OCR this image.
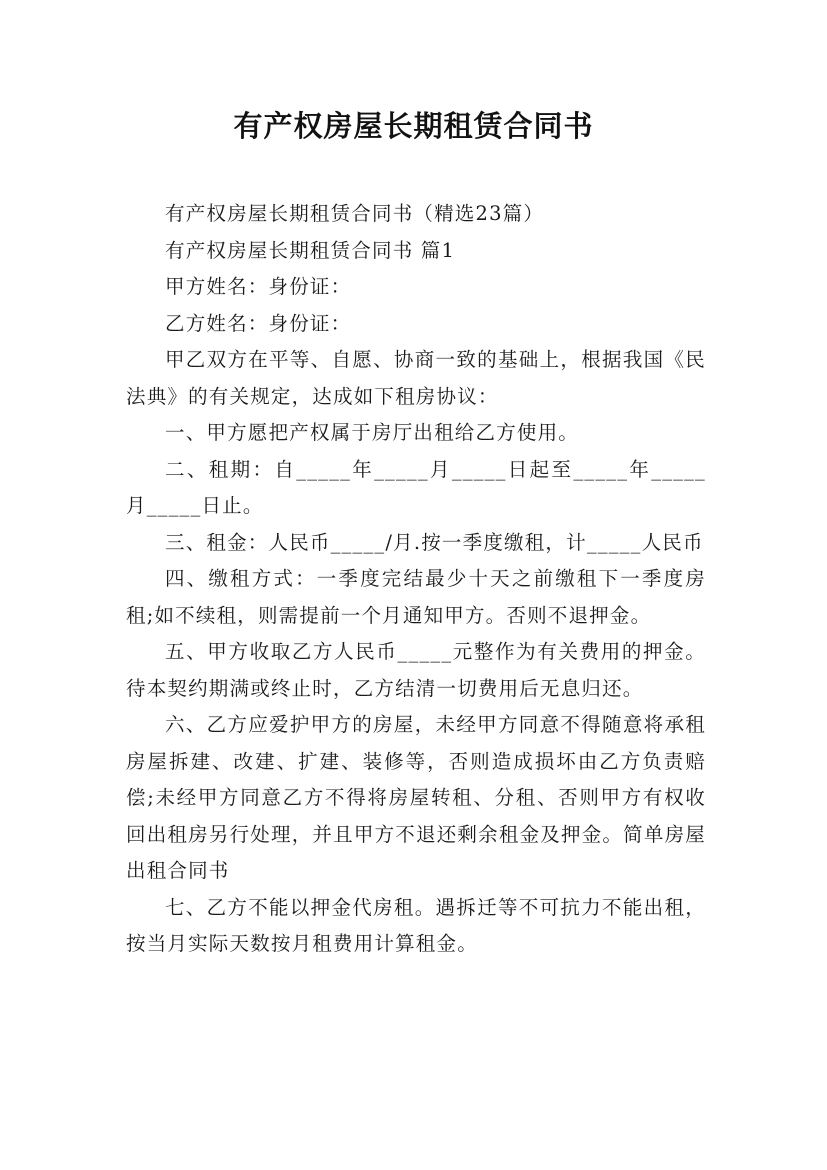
有产权房屋长期租赁合同书
有产权房屋长期租赁合同书（精选23篇）
有产权房屋长期租赁合同书 篇1
甲方姓名：身份证：
乙方姓名：身份证：
甲乙双方在平等、自愿、协商一致的基础上，根据我国《民法典》的有关规定，达成如下租房协议：
一、甲方愿把产权属于房厅出租给乙方使用。
二、租期：自_____年_____月_____日起至_____年_____月_____日止。
三、租金：人民币_____/月.按一季度缴租，计_____人民币
四、缴租方式：一季度完结最少十天之前缴租下一季度房租;如不续租，则需提前一个月通知甲方。否则不退押金。
五、甲方收取乙方人民币_____元整作为有关费用的押金。待本契约期满或终止时，乙方结清一切费用后无息归还。
六、乙方应爱护甲方的房屋，未经甲方同意不得随意将承租房屋拆建、改建、扩建、装修等，否则造成损坏由乙方负责赔偿;未经甲方同意乙方不得将房屋转租、分租、否则甲方有权收回出租房另行处理，并且甲方不退还剩余租金及押金。简单房屋出租合同书
七、乙方不能以押金代房租。遇拆迁等不可抗力不能出租，按当月实际天数按月租费用计算租金。
